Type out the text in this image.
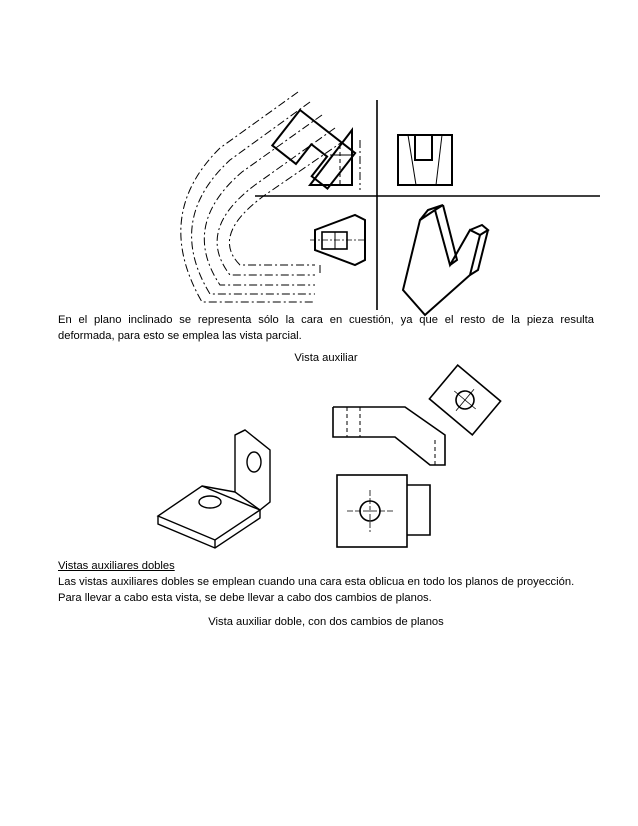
En el plano inclinado se representa sólo la cara en cuestión, ya que el resto de la pieza resulta
deformada, para esto se emplea las vista parcial.
Vista auxiliar
Vistas auxiliares dobles
Las vistas auxiliares dobles se emplean cuando una cara esta oblicua en todo los planos de proyección.
Para llevar a cabo esta vista, se debe llevar a cabo dos cambios de planos.
Vista auxiliar doble, con dos cambios de planos
